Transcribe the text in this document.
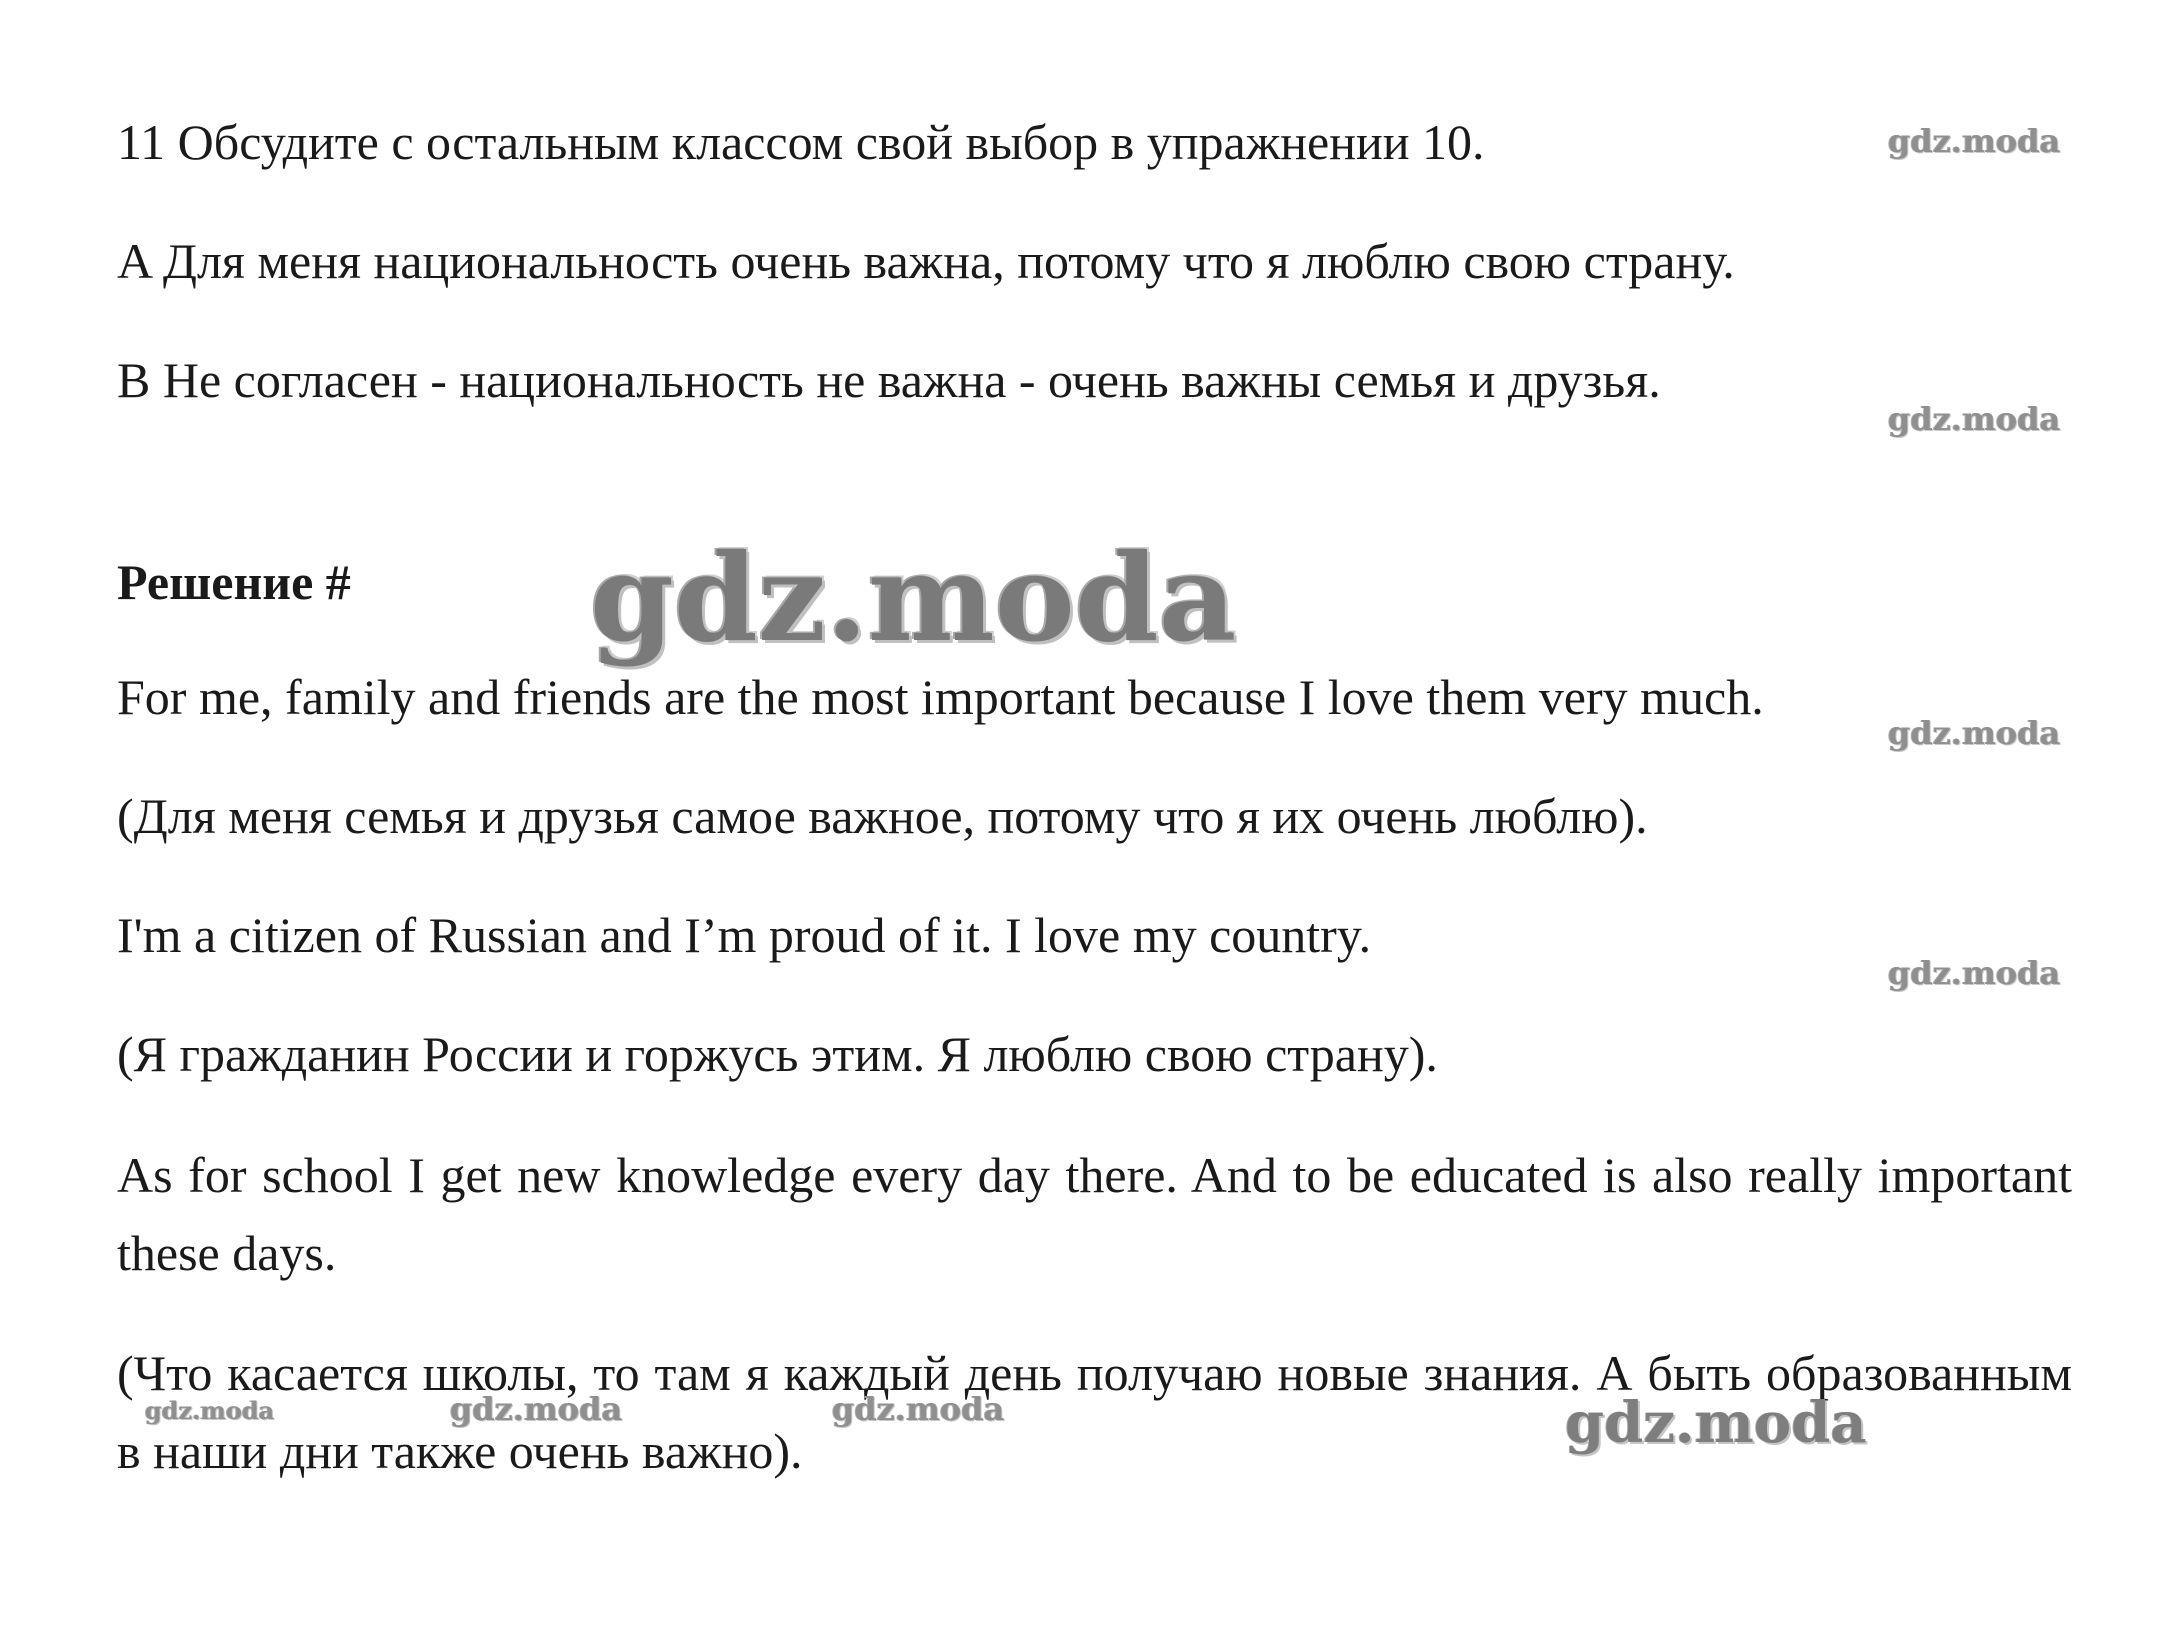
11 Обсудите с остальным классом свой выбор в упражнении 10.
A Для меня национальность очень важна, потому что я люблю свою страну.
B Не согласен - национальность не важна - очень важны семья и друзья.
Решение #
For me, family and friends are the most important because I love them very much.
(Для меня семья и друзья самое важное, потому что я их очень люблю).
I'm a citizen of Russian and I’m proud of it. I love my country.
(Я гражданин России и горжусь этим. Я люблю свою страну).
As for school I get new knowledge every day there. And to be educated is also really important these days.
(Что касается школы, то там я каждый день получаю новые знания. А быть образованным в наши дни также очень важно).
gdz.moda
gdz.moda
gdz.moda
gdz.moda
gdz.moda
gdz.moda	gdz.moda	gdz.moda	gdz.moda
